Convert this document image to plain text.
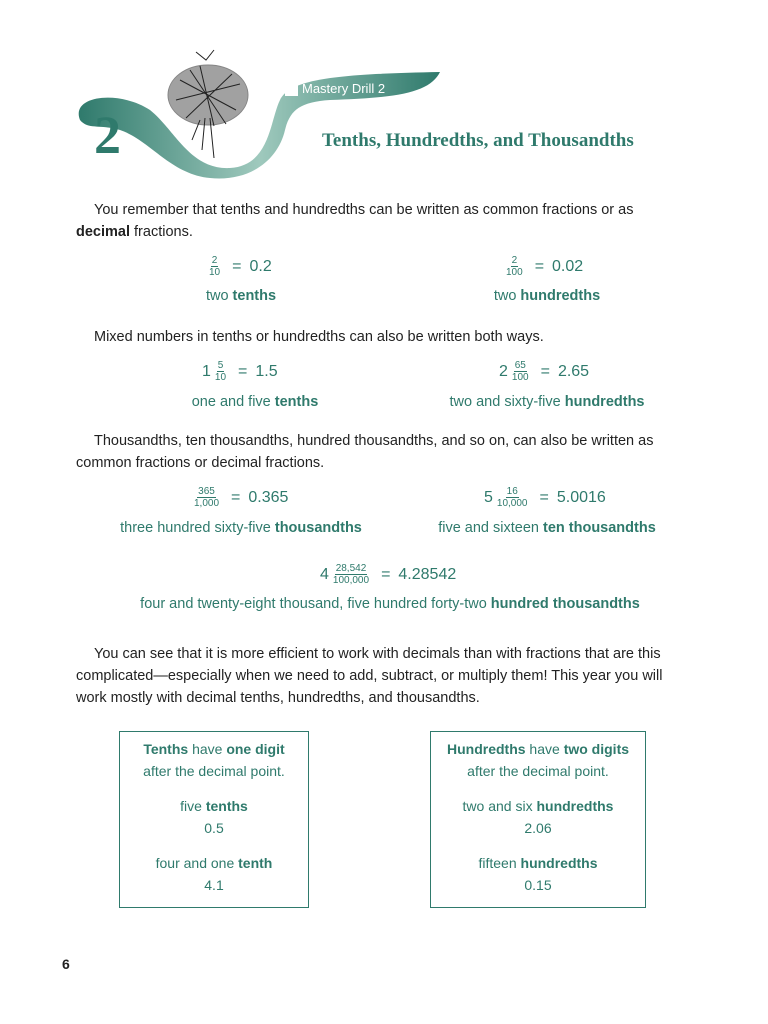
2
Mastery Drill 2
Tenths, Hundredths, and Thousandths
You remember that tenths and hundredths can be written as common fractions or as
decimal fractions.
$\frac{2}{10} = 0.2$
two tenths
$\frac{2}{100} = 0.02$
two hundredths
Mixed numbers in tenths or hundredths can also be written both ways.
$1 \frac{5}{10} = 1.5$
one and five tenths
$2 \frac{65}{100} = 2.65$
two and sixty-five hundredths
Thousandths, ten thousandths, hundred thousandths, and so on, can also be written as
common fractions or decimal fractions.
$\frac{365}{1,000} = 0.365$
three hundred sixty-five thousandths
$5 \frac{16}{10,000} = 5.0016$
five and sixteen ten thousandths
$4 \frac{28,542}{100,000} = 4.28542$
four and twenty-eight thousand, five hundred forty-two hundred thousandths
You can see that it is more efficient to work with decimals than with fractions that are this
complicated—especially when we need to add, subtract, or multiply them! This year you will
work mostly with decimal tenths, hundredths, and thousandths.
Tenths have one digit
after the decimal point.
five tenths
0.5
four and one tenth
4.1
Hundredths have two digits
after the decimal point.
two and six hundredths
2.06
fifteen hundredths
0.15
6
